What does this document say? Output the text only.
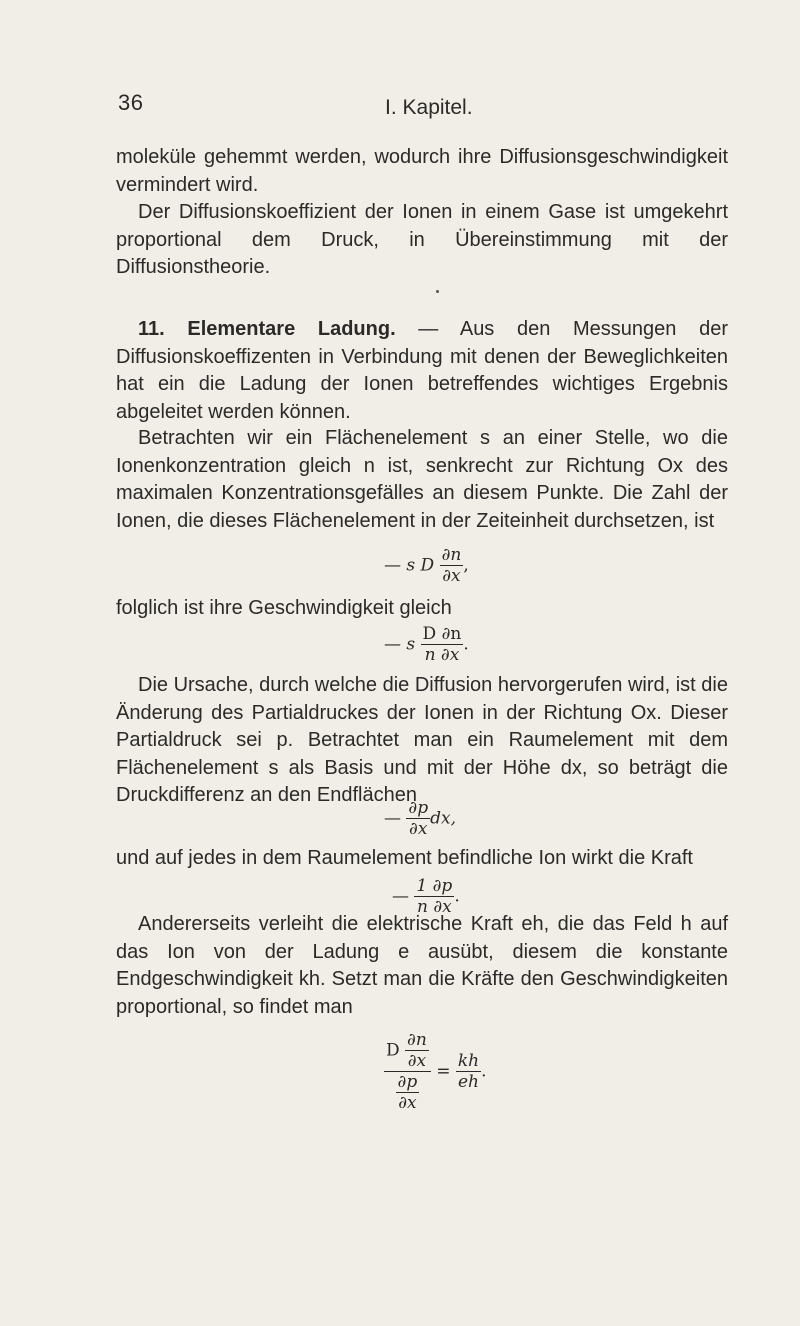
36	I. Kapitel.
moleküle gehemmt werden, wodurch ihre Diffusionsgeschwindigkeit vermindert wird.
Der Diffusionskoeffizient der Ionen in einem Gase ist umgekehrt proportional dem Druck, in Übereinstimmung mit der Diffusionstheorie.
11. Elementare Ladung. — Aus den Messungen der Diffusionskoeffizenten in Verbindung mit denen der Beweglichkeiten hat ein die Ladung der Ionen betreffendes wichtiges Ergebnis abgeleitet werden können.
Betrachten wir ein Flächenelement s an einer Stelle, wo die Ionenkonzentration gleich n ist, senkrecht zur Richtung Ox des maximalen Konzentrationsgefälles an diesem Punkte. Die Zahl der Ionen, die dieses Flächenelement in der Zeiteinheit durchsetzen, ist
— s D $\frac{\partial n}{\partial x}$ ,
folglich ist ihre Geschwindigkeit gleich
— s $\frac{D \partial n}{n \partial x}$ .
Die Ursache, durch welche die Diffusion hervorgerufen wird, ist die Änderung des Partialdruckes der Ionen in der Richtung Ox. Dieser Partialdruck sei p. Betrachtet man ein Raumelement mit dem Flächenelement s als Basis und mit der Höhe dx, so beträgt die Druckdifferenz an den Endflächen
— $\frac{\partial p}{\partial x}$ dx,
und auf jedes in dem Raumelement befindliche Ion wirkt die Kraft
— $\frac{1 \partial p}{n \partial x}$ .
Andererseits verleiht die elektrische Kraft eh, die das Feld h auf das Ion von der Ladung e ausübt, diesem die konstante Endgeschwindigkeit kh. Setzt man die Kräfte den Geschwindigkeiten proportional, so findet man
$\frac{D \frac{\partial n}{\partial x}}{\frac{\partial p}{\partial x}} = \frac{kh}{eh}$ .
